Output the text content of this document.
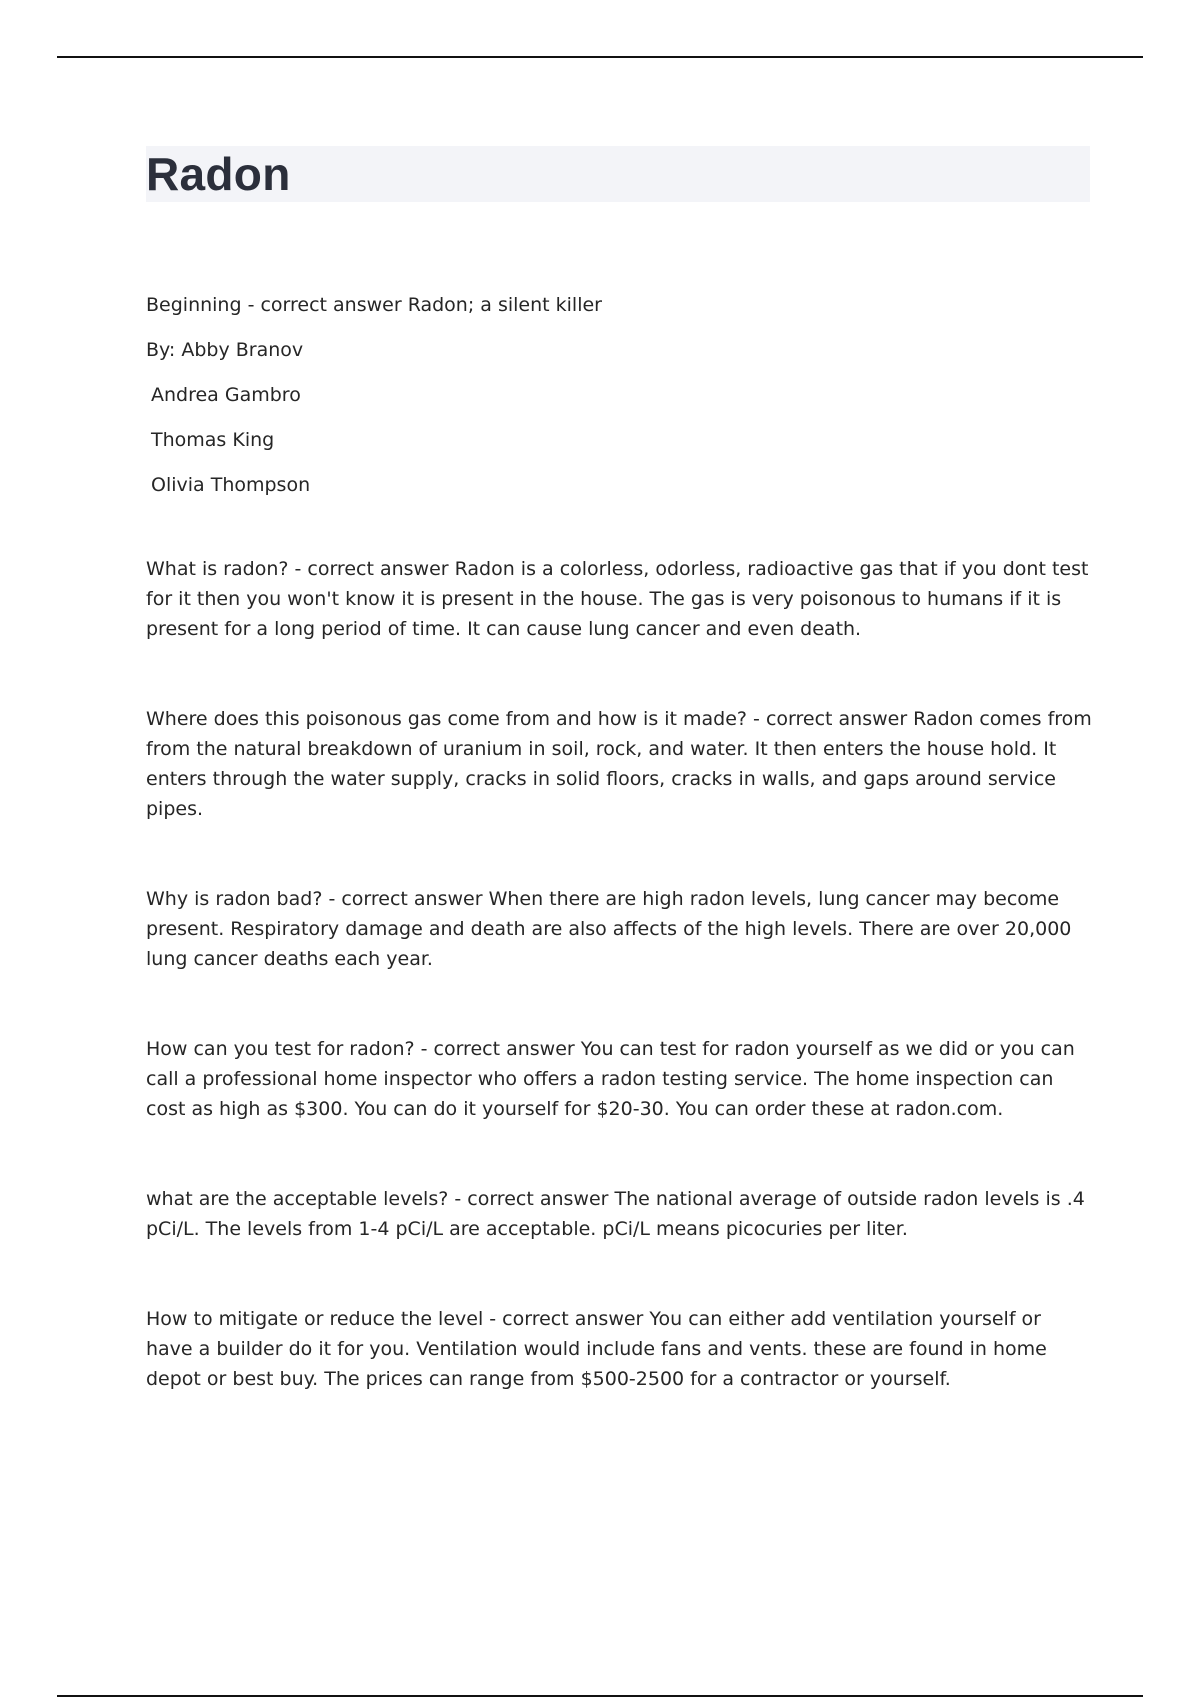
Radon

Beginning - correct answer Radon; a silent killer

By: Abby Branov

Andrea Gambro

Thomas King

Olivia Thompson

What is radon? - correct answer Radon is a colorless, odorless, radioactive gas that if you dont test for it then you won't know it is present in the house. The gas is very poisonous to humans if it is present for a long period of time. It can cause lung cancer and even death.

Where does this poisonous gas come from and how is it made? - correct answer Radon comes from from the natural breakdown of uranium in soil, rock, and water. It then enters the house hold. It enters through the water supply, cracks in solid floors, cracks in walls, and gaps around service pipes.

Why is radon bad? - correct answer When there are high radon levels, lung cancer may become present. Respiratory damage and death are also affects of the high levels. There are over 20,000 lung cancer deaths each year.

How can you test for radon? - correct answer You can test for radon yourself as we did or you can call a professional home inspector who offers a radon testing service. The home inspection can cost as high as $300. You can do it yourself for $20-30. You can order these at radon.com.

what are the acceptable levels? - correct answer The national average of outside radon levels is .4 pCi/L. The levels from 1-4 pCi/L are acceptable. pCi/L means picocuries per liter.

How to mitigate or reduce the level - correct answer You can either add ventilation yourself or have a builder do it for you. Ventilation would include fans and vents. these are found in home depot or best buy. The prices can range from $500-2500 for a contractor or yourself.
